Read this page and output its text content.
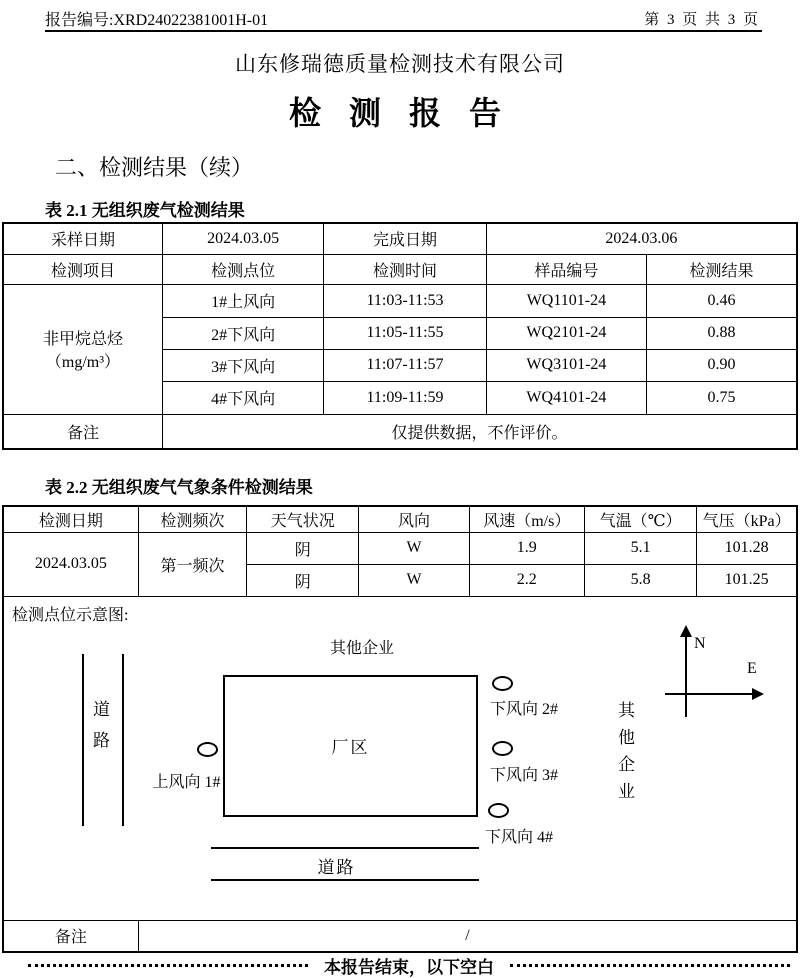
报告编号:XRD24022381001H-01	第 3 页 共 3 页
山东修瑞德质量检测技术有限公司
检 测 报 告
二、检测结果（续）
表 2.1 无组织废气检测结果
采样日期	2024.03.05	完成日期	2024.03.06	
检测项目	检测点位	检测时间	样品编号	检测结果

非甲烷总烃
（mg/m³）	1#上风向	11:03-11:53	WQ1101-24	0.46
	2#下风向	11:05-11:55	WQ2101-24	0.88
	3#下风向	11:07-11:57	WQ3101-24	0.90
	4#下风向	11:09-11:59	WQ4101-24	0.75
备注	仅提供数据，不作评价。			
表 2.2 无组织废气气象条件检测结果
检测日期	检测频次	天气状况	风向	风速（m/s）	气温（℃）	气压（kPa）
2024.03.05	第一频次	阴	W	1.9	5.1	101.28
		阴	W	2.2	5.8	101.25

检测点位示意图:
其他企业
道路	厂区
上风向 1#
下风向 2#
下风向 3#
下风向 4#
其他企业
N
E
道路

备注	/					
本报告结束，以下空白
